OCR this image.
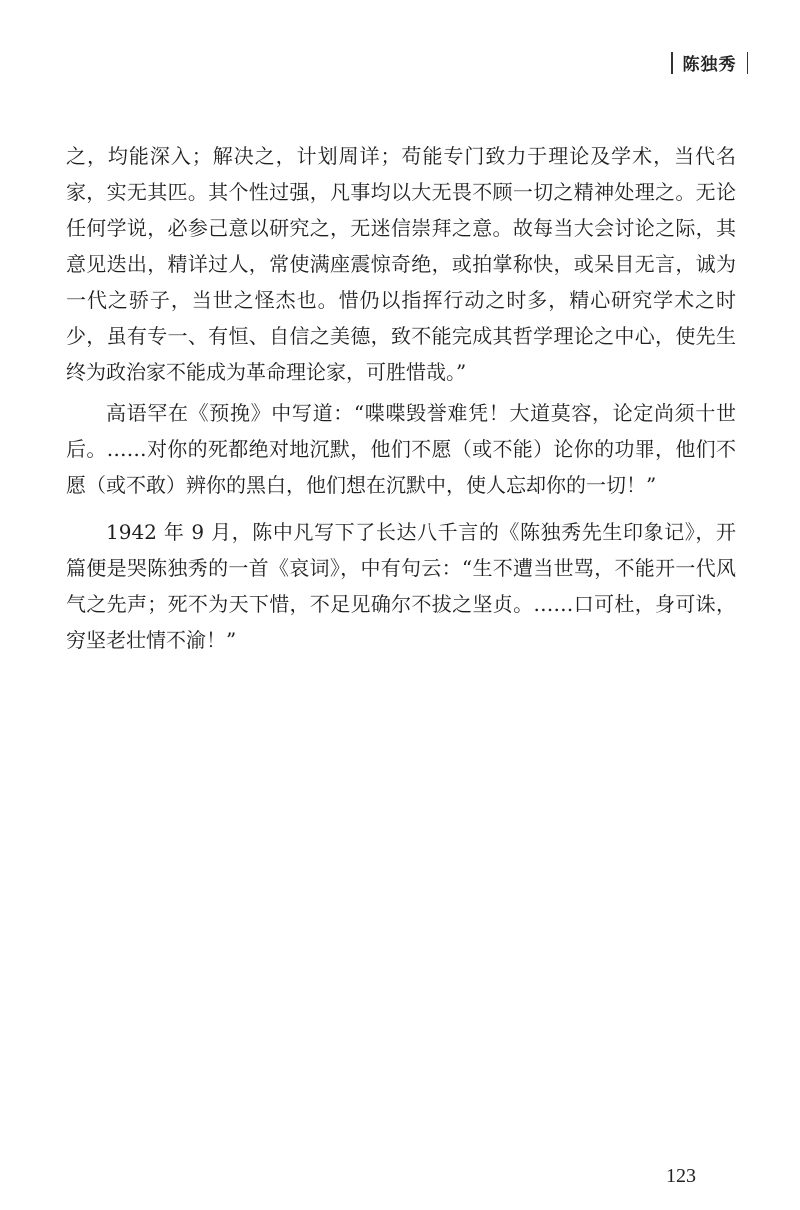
陈独秀

之，均能深入；解决之，计划周详；苟能专门致力于理论及学术，当代名家，实无其匹。其个性过强，凡事均以大无畏不顾一切之精神处理之。无论任何学说，必参己意以研究之，无迷信崇拜之意。故每当大会讨论之际，其意见迭出，精详过人，常使满座震惊奇绝，或拍掌称快，或呆目无言，诚为一代之骄子，当世之怪杰也。惜仍以指挥行动之时多，精心研究学术之时少，虽有专一、有恒、自信之美德，致不能完成其哲学理论之中心，使先生终为政治家不能成为革命理论家，可胜惜哉。”

高语罕在《预挽》中写道：“喋喋毁誉难凭！大道莫容，论定尚须十世后。……对你的死都绝对地沉默，他们不愿（或不能）论你的功罪，他们不愿（或不敢）辨你的黑白，他们想在沉默中，使人忘却你的一切！”

1942 年 9 月，陈中凡写下了长达八千言的《陈独秀先生印象记》，开篇便是哭陈独秀的一首《哀词》，中有句云：“生不遭当世骂，不能开一代风气之先声；死不为天下惜，不足见确尔不拔之坚贞。……口可杜，身可诛，穷坚老壮情不渝！”

123
